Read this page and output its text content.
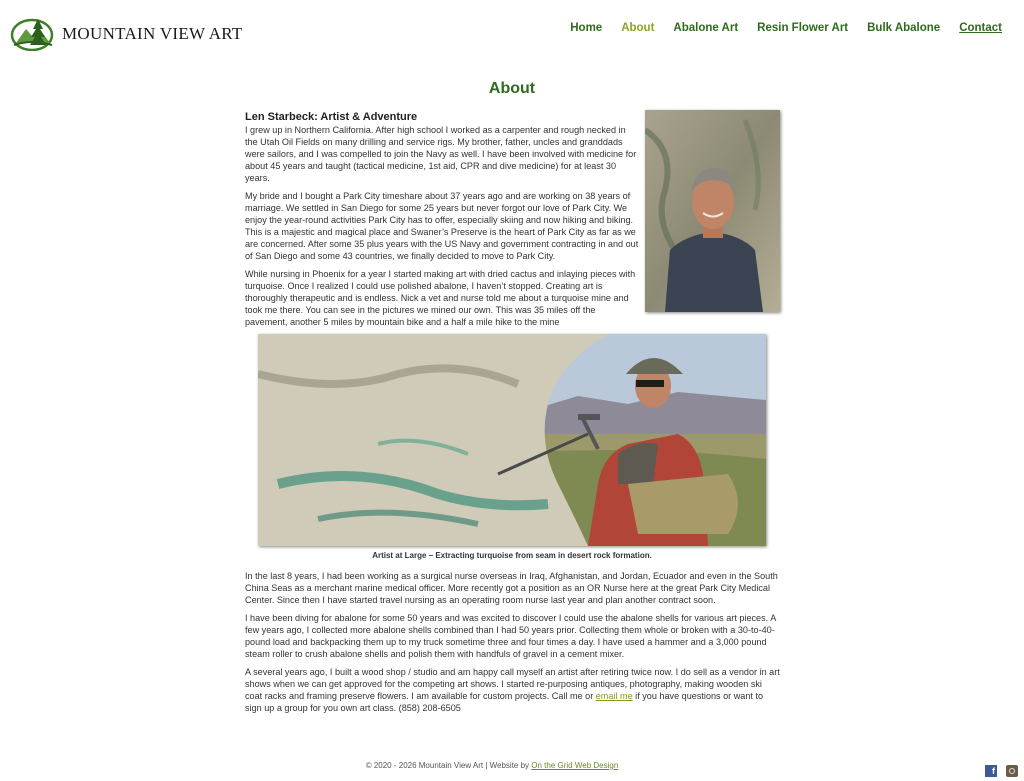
MOUNTAIN VIEW ART	Home About Abalone Art Resin Flower Art Bulk Abalone Contact
About
Len Starbeck: Artist & Adventure

I grew up in Northern California. After high school I worked as a carpenter and rough necked in the Utah Oil Fields on many drilling and service rigs. My brother, father, uncles and granddads were sailors, and I was compelled to join the Navy as well. I have been involved with medicine for about 45 years and taught (tactical medicine, 1st aid, CPR and dive medicine) for at least 30 years.

My bride and I bought a Park City timeshare about 37 years ago and are working on 38 years of marriage. We settled in San Diego for some 25 years but never forgot our love of Park City. We enjoy the year-round activities Park City has to offer, especially skiing and now hiking and biking. This is a majestic and magical place and Swaner’s Preserve is the heart of Park City as far as we are concerned. After some 35 plus years with the US Navy and government contracting in and out of San Diego and some 43 countries, we finally decided to move to Park City.

While nursing in Phoenix for a year I started making art with dried cactus and inlaying pieces with turquoise. Once I realized I could use polished abalone, I haven’t stopped. Creating art is thoroughly therapeutic and is endless. Nick a vet and nurse told me about a turquoise mine and took me there. You can see in the pictures we mined our own. This was 35 miles off the pavement, another 5 miles by mountain bike and a half a mile hike to the mine

Artist at Large – Extracting turquoise from seam in desert rock formation.

In the last 8 years, I had been working as a surgical nurse overseas in Iraq, Afghanistan, and Jordan, Ecuador and even in the South China Seas as a merchant marine medical officer. More recently got a position as an OR Nurse here at the great Park City Medical Center. Since then I have started travel nursing as an operating room nurse last year and plan another contract soon.

I have been diving for abalone for some 50 years and was excited to discover I could use the abalone shells for various art pieces. A few years ago, I collected more abalone shells combined than I had 50 years prior. Collecting them whole or broken with a 30-to-40-pound load and backpacking them up to my truck sometime three and four times a day. I have used a hammer and a 3,000 pound steam roller to crush abalone shells and polish them with handfuls of gravel in a cement mixer.

A several years ago, I built a wood shop / studio and am happy call myself an artist after retiring twice now. I do sell as a vendor in art shows when we can get approved for the competing art shows. I started re-purposing antiques, photography, making wooden ski coat racks and framing preserve flowers. I am available for custom projects. Call me or email me if you have questions or want to sign up a group for you own art class. (858) 208-6505

© 2020 - 2026 Mountain View Art | Website by On the Grid Web Design
f
